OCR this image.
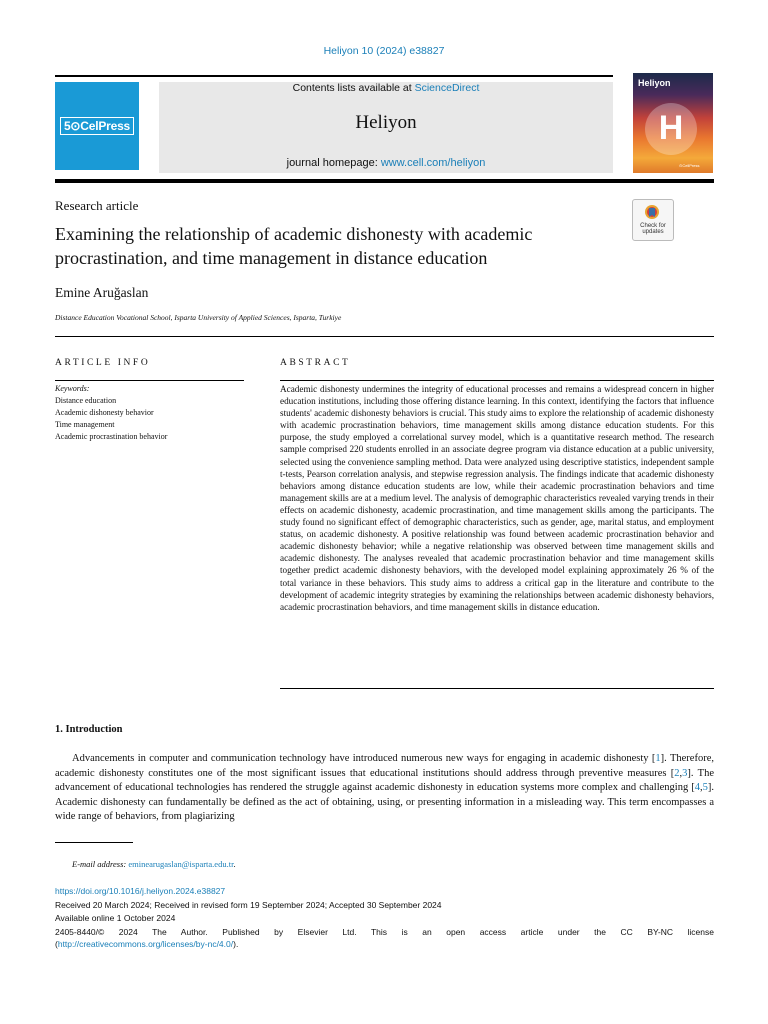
Heliyon 10 (2024) e38827
5⊙CelPress
Contents lists available at ScienceDirect
Heliyon
journal homepage: www.cell.com/heliyon
Heliyon
H
⊙CellPress
Research article
Check for
updates
Examining the relationship of academic dishonesty with academic procrastination, and time management in distance education
Emine Aruğaslan
Distance Education Vocational School, Isparta University of Applied Sciences, Isparta, Turkiye
ARTICLE INFO	ABSTRACT
Keywords:
Distance education
Academic dishonesty behavior
Time management
Academic procrastination behavior
Academic dishonesty undermines the integrity of educational processes and remains a widespread concern in higher education institutions, including those offering distance learning. In this context, identifying the factors that influence students' academic dishonesty behaviors is crucial. This study aims to explore the relationship of academic dishonesty with academic procrastination behaviors, time management skills among distance education students. For this purpose, the study employed a correlational survey model, which is a quantitative research method. The research sample comprised 220 students enrolled in an associate degree program via distance education at a public university, selected using the convenience sampling method. Data were analyzed using descriptive statistics, independent sample t-tests, Pearson correlation analysis, and stepwise regression analysis. The findings indicate that academic dishonesty behaviors among distance education students are low, while their academic procrastination behaviors and time management skills are at a medium level. The analysis of demographic characteristics revealed varying trends in their effects on academic dishonesty, academic procrastination, and time management skills among the participants. The study found no significant effect of demographic characteristics, such as gender, age, marital status, and employment status, on academic dishonesty. A positive relationship was found between academic procrastination behavior and academic dishonesty behavior; while a negative relationship was observed between time management skills and academic dishonesty. The analyses revealed that academic procrastination behavior and time management skills together predict academic dishonesty behaviors, with the developed model explaining approximately 26 % of the total variance in these behaviors. This study aims to address a critical gap in the literature and contribute to the development of academic integrity strategies by examining the relationships between academic dishonesty behaviors, academic procrastination behaviors, and time management skills in distance education.
1. Introduction
Advancements in computer and communication technology have introduced numerous new ways for engaging in academic dishonesty [1]. Therefore, academic dishonesty constitutes one of the most significant issues that educational institutions should address through preventive measures [2,3]. The advancement of educational technologies has rendered the struggle against academic dishonesty in education systems more complex and challenging [4,5]. Academic dishonesty can fundamentally be defined as the act of obtaining, using, or presenting information in a misleading way. This term encompasses a wide range of behaviors, from plagiarizing
E-mail address: eminearugaslan@isparta.edu.tr.
https://doi.org/10.1016/j.heliyon.2024.e38827
Received 20 March 2024; Received in revised form 19 September 2024; Accepted 30 September 2024
Available online 1 October 2024
2405-8440/© 2024 The Author. Published by Elsevier Ltd. This is an open access article under the CC BY-NC license
(http://creativecommons.org/licenses/by-nc/4.0/).
